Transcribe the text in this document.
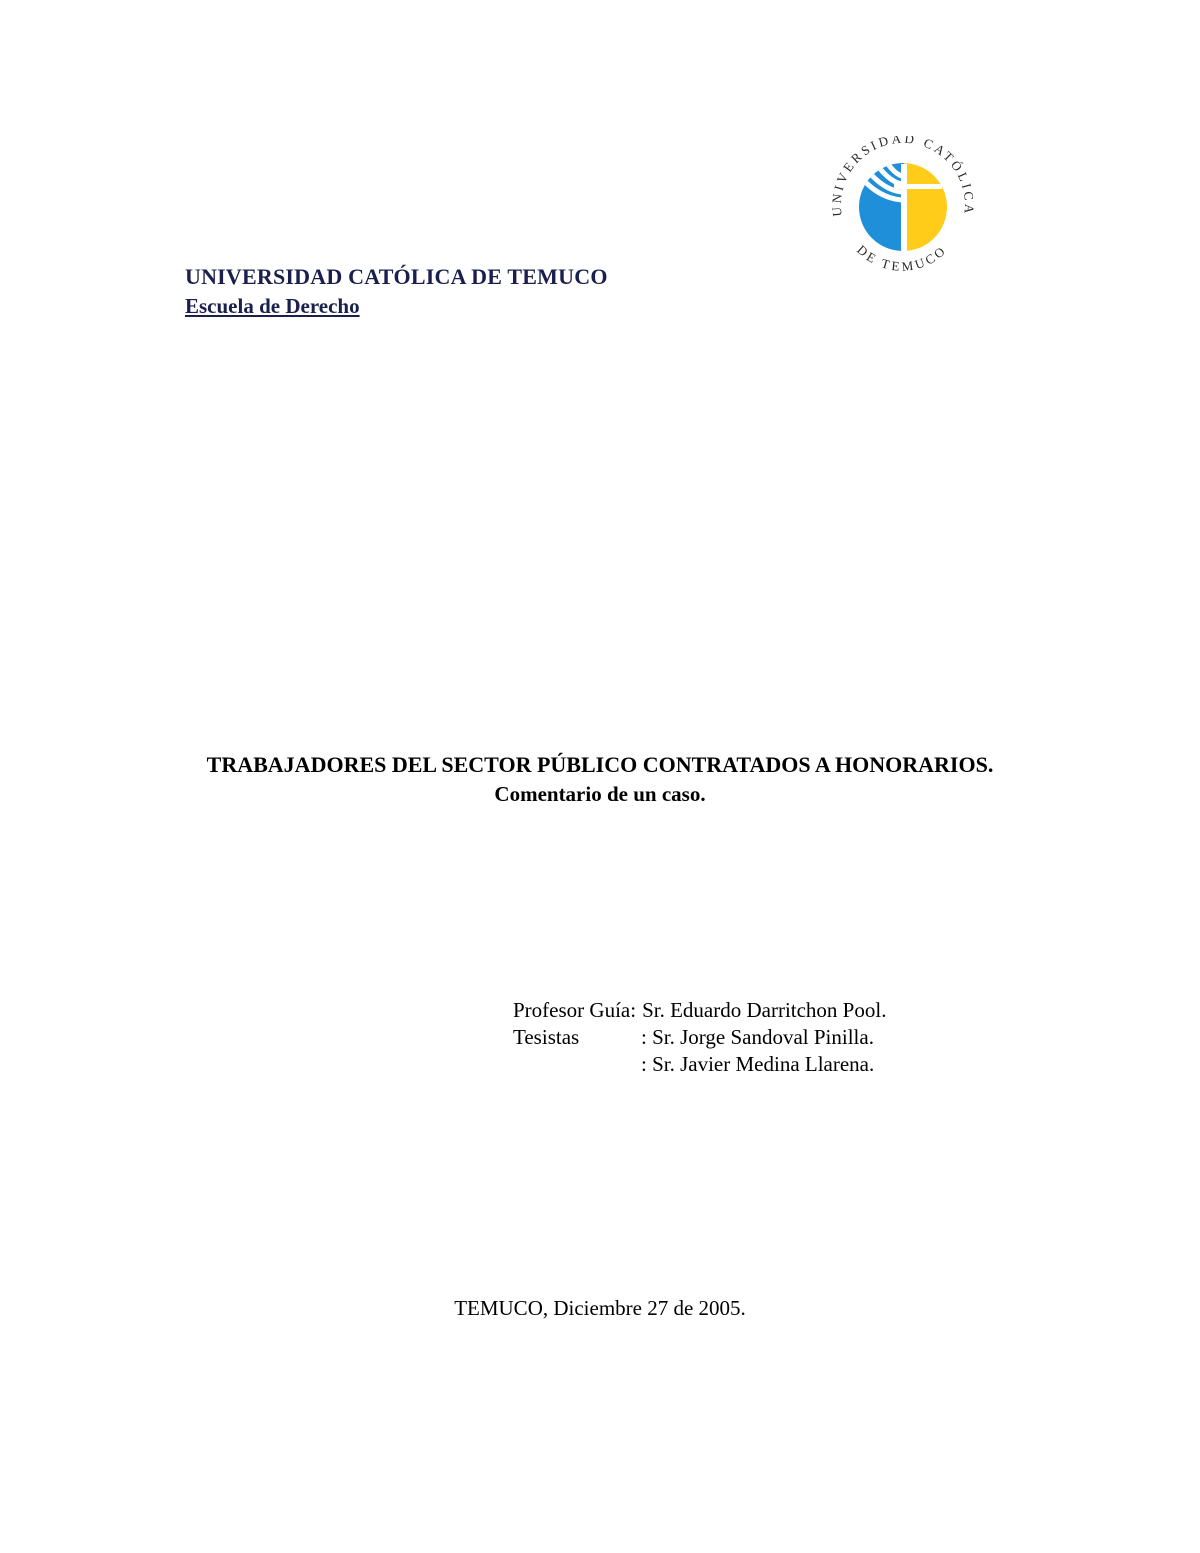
IVERSIDAD CATÓLI
DE TEMUCO
UNIVERSIDAD CATÓLICA DE TEMUCO
Escuela de Derecho
TRABAJADORES DEL SECTOR PÚBLICO CONTRATADOS A HONORARIOS.
Comentario de un caso.
Profesor Guía: Sr. Eduardo Darritchon Pool.
Tesistas	: Sr. Jorge Sandoval Pinilla.
: Sr. Javier Medina Llarena.
TEMUCO, Diciembre 27 de 2005.
